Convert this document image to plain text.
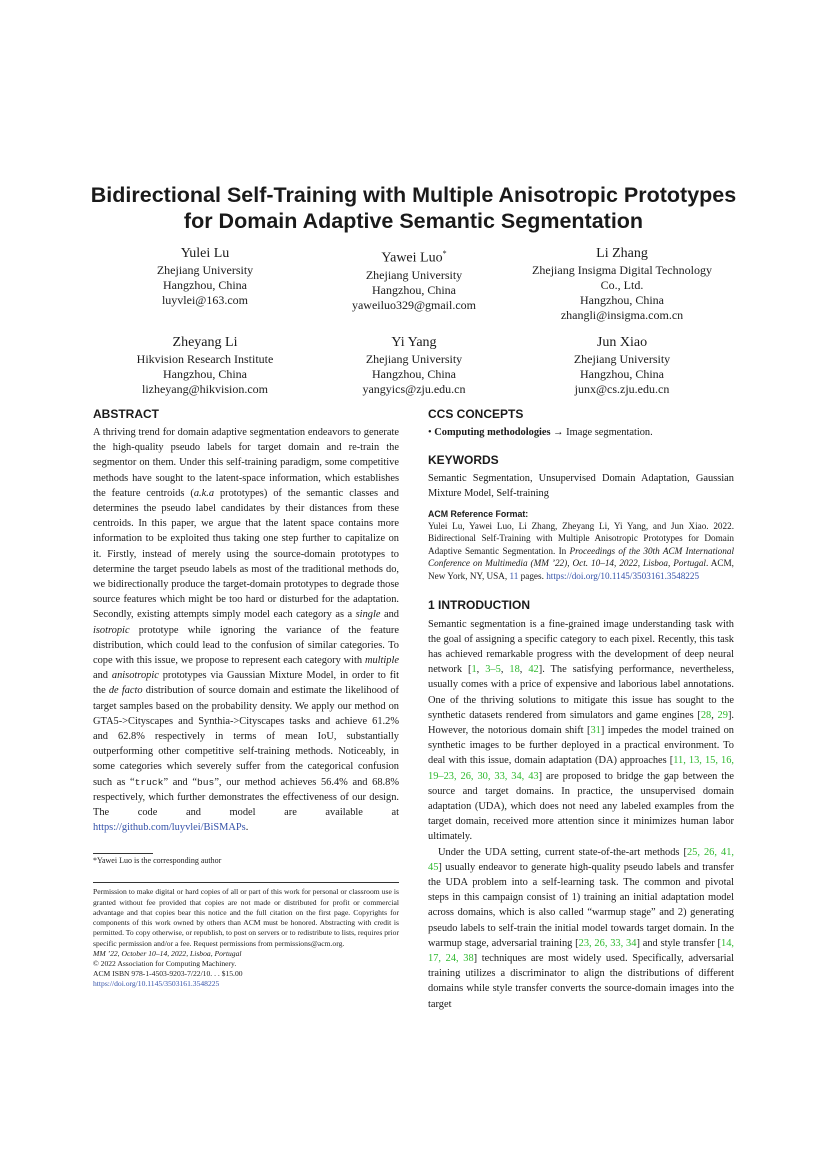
Bidirectional Self-Training with Multiple Anisotropic Prototypes
for Domain Adaptive Semantic Segmentation
Yulei Lu
Zhejiang University
Hangzhou, China
luyvlei@163.com
Yawei Luo*
Zhejiang University
Hangzhou, China
yaweiluo329@gmail.com
Li Zhang
Zhejiang Insigma Digital Technology
Co., Ltd.
Hangzhou, China
zhangli@insigma.com.cn
Zheyang Li
Hikvision Research Institute
Hangzhou, China
lizheyang@hikvision.com
Yi Yang
Zhejiang University
Hangzhou, China
yangyics@zju.edu.cn
Jun Xiao
Zhejiang University
Hangzhou, China
junx@cs.zju.edu.cn
ABSTRACT

A thriving trend for domain adaptive segmentation endeavors to generate the high-quality pseudo labels for target domain and re-train the segmentor on them. Under this self-training paradigm, some competitive methods have sought to the latent-space information, which establishes the feature centroids (a.k.a prototypes) of the semantic classes and determines the pseudo label candidates by their distances from these centroids. In this paper, we argue that the latent space contains more information to be exploited thus taking one step further to capitalize on it. Firstly, instead of merely using the source-domain prototypes to determine the target pseudo labels as most of the traditional methods do, we bidirectionally produce the target-domain prototypes to degrade those source features which might be too hard or disturbed for the adaptation. Secondly, existing attempts simply model each category as a single and isotropic prototype while ignoring the variance of the feature distribution, which could lead to the confusion of similar categories. To cope with this issue, we propose to represent each category with multiple and anisotropic prototypes via Gaussian Mixture Model, in order to fit the de facto distribution of source domain and estimate the likelihood of target samples based on the probability density. We apply our method on GTA5->Cityscapes and Synthia->Cityscapes tasks and achieve 61.2% and 62.8% respectively in terms of mean IoU, substantially outperforming other competitive self-training methods. Noticeably, in some categories which severely suffer from the categorical confusion such as “truck” and “bus”, our method achieves 56.4% and 68.8% respectively, which further demonstrates the effectiveness of our design. The code and model are available at https://github.com/luyvlei/BiSMAPs.

*Yawei Luo is the corresponding author
Permission to make digital or hard copies of all or part of this work for personal or classroom use is granted without fee provided that copies are not made or distributed for profit or commercial advantage and that copies bear this notice and the full citation on the first page. Copyrights for components of this work owned by others than ACM must be honored. Abstracting with credit is permitted. To copy otherwise, or republish, to post on servers or to redistribute to lists, requires prior specific permission and/or a fee. Request permissions from permissions@acm.org.
MM ’22, October 10–14, 2022, Lisboa, Portugal
© 2022 Association for Computing Machinery.
ACM ISBN 978-1-4503-9203-7/22/10. . . $15.00
https://doi.org/10.1145/3503161.3548225
CCS CONCEPTS

• Computing methodologies → Image segmentation.

KEYWORDS

Semantic Segmentation, Unsupervised Domain Adaptation, Gaussian Mixture Model, Self-training

ACM Reference Format:

Yulei Lu, Yawei Luo, Li Zhang, Zheyang Li, Yi Yang, and Jun Xiao. 2022. Bidirectional Self-Training with Multiple Anisotropic Prototypes for Domain Adaptive Semantic Segmentation. In Proceedings of the 30th ACM International Conference on Multimedia (MM ’22), Oct. 10–14, 2022, Lisboa, Portugal. ACM, New York, NY, USA, 11 pages. https://doi.org/10.1145/3503161.3548225

1 INTRODUCTION

Semantic segmentation is a fine-grained image understanding task with the goal of assigning a specific category to each pixel. Recently, this task has achieved remarkable progress with the development of deep neural network [1, 3–5, 18, 42]. The satisfying performance, nevertheless, usually comes with a price of expensive and laborious label annotations. One of the thriving solutions to mitigate this issue has sought to the synthetic datasets rendered from simulators and game engines [28, 29]. However, the notorious domain shift [31] impedes the model trained on synthetic images to be further deployed in a practical environment. To deal with this issue, domain adaptation (DA) approaches [11, 13, 15, 16, 19–23, 26, 30, 33, 34, 43] are proposed to bridge the gap between the source and target domains. In practice, the unsupervised domain adaptation (UDA), which does not need any labeled examples from the target domain, received more attention since it minimizes human labor ultimately.

Under the UDA setting, current state-of-the-art methods [25, 26, 41, 45] usually endeavor to generate high-quality pseudo labels and transfer the UDA problem into a self-learning task. The common and pivotal steps in this campaign consist of 1) training an initial adaptation model across domains, which is also called “warmup stage” and 2) generating pseudo labels to self-train the initial model towards target domain. In the warmup stage, adversarial training [23, 26, 33, 34] and style transfer [14, 17, 24, 38] techniques are most widely used. Specifically, adversarial training utilizes a discriminator to align the distributions of different domains while style transfer converts the source-domain images into the target
